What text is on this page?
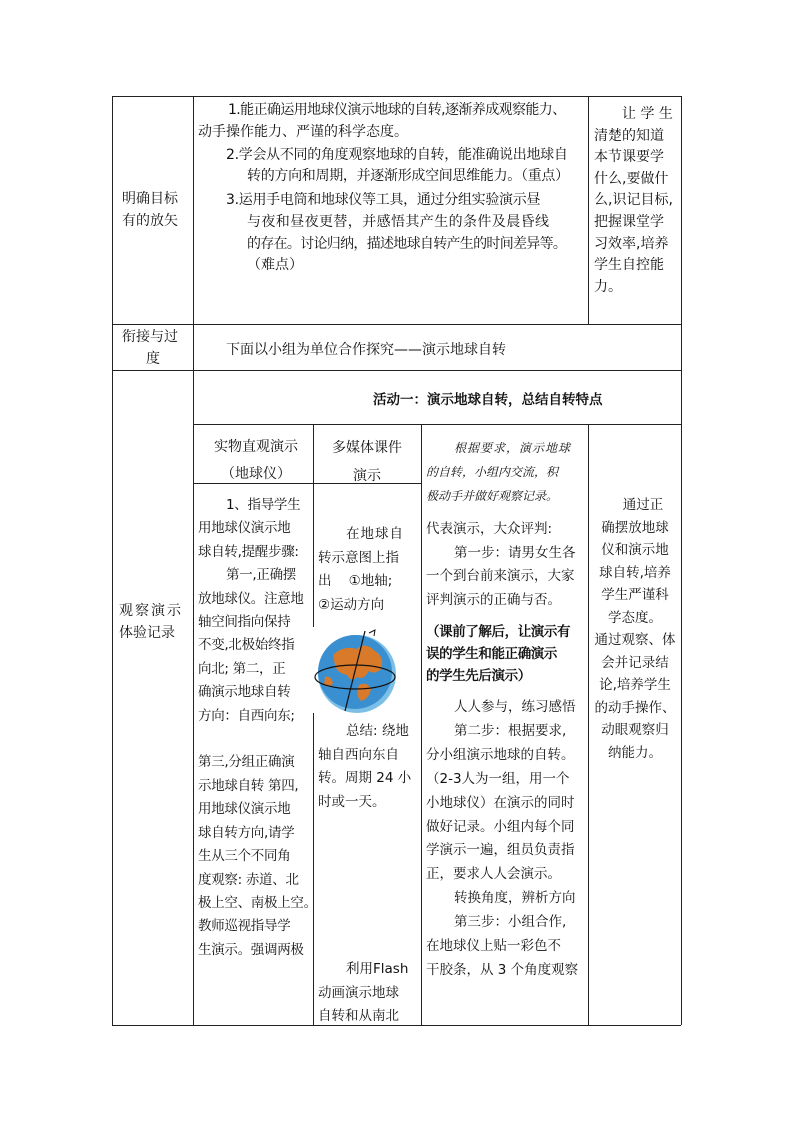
明确目标
有的放矢
1.能正确运用地球仪演示地球的自转,逐渐养成观察能力、
动手操作能力、严谨的科学态度。
2.学会从不同的角度观察地球的自转，能准确说出地球自
转的方向和周期，并逐渐形成空间思维能力。（重点）
3.运用手电筒和地球仪等工具，通过分组实验演示昼
与夜和昼夜更替，并感悟其产生的条件及晨昏线
的存在。讨论归纳，描述地球自转产生的时间差异等。
（难点）
让 学 生
清楚的知道
本节课要学
什么,要做什
么,识记目标,
把握课堂学
习效率,培养
学生自控能
力。
衔接与过
度
下面以小组为单位合作探究——演示地球自转
观察演示
体验记录
活动一：演示地球自转，总结自转特点
实物直观演示
（地球仪）
多媒体课件
演示
1、指导学生
用地球仪演示地
球自转,提醒步骤:
第一,正确摆
放地球仪。注意地
轴空间指向保持
不变,北极始终指
向北; 第二，正
确演示地球自转
方向：自西向东;

第三,分组正确演
示地球自转 第四,
用地球仪演示地
球自转方向,请学
生从三个不同角
度观察: 赤道、北
极上空、南极上空。
教师巡视指导学
生演示。强调两极
在地球自
转示意图上指
出    ①地轴;
②运动方向
总结: 绕地
轴自西向东自
转。周期 24 小
时或一天。
利用Flash
动画演示地球
自转和从南北
根据要求，演示地球
的自转，小组内交流，积
极动手并做好观察记录。
代表演示，大众评判:
第一步：请男女生各
一个到台前来演示，大家
评判演示的正确与否。
（课前了解后，让演示有
误的学生和能正确演示
的学生先后演示）
人人参与，练习感悟
第二步：根据要求,
分小组演示地球的自转。
（2-3人为一组，用一个
小地球仪）在演示的同时
做好记录。小组内每个同
学演示一遍，组员负责指
正，要求人人会演示。
转换角度，辨析方向
第三步：小组合作,
在地球仪上贴一彩色不
干胶条，从 3 个角度观察
通过正
确摆放地球
仪和演示地
球自转,培养
学生严谨科
学态度。
通过观察、体
会并记录结
论,培养学生
的动手操作、
动眼观察归
纳能力。
